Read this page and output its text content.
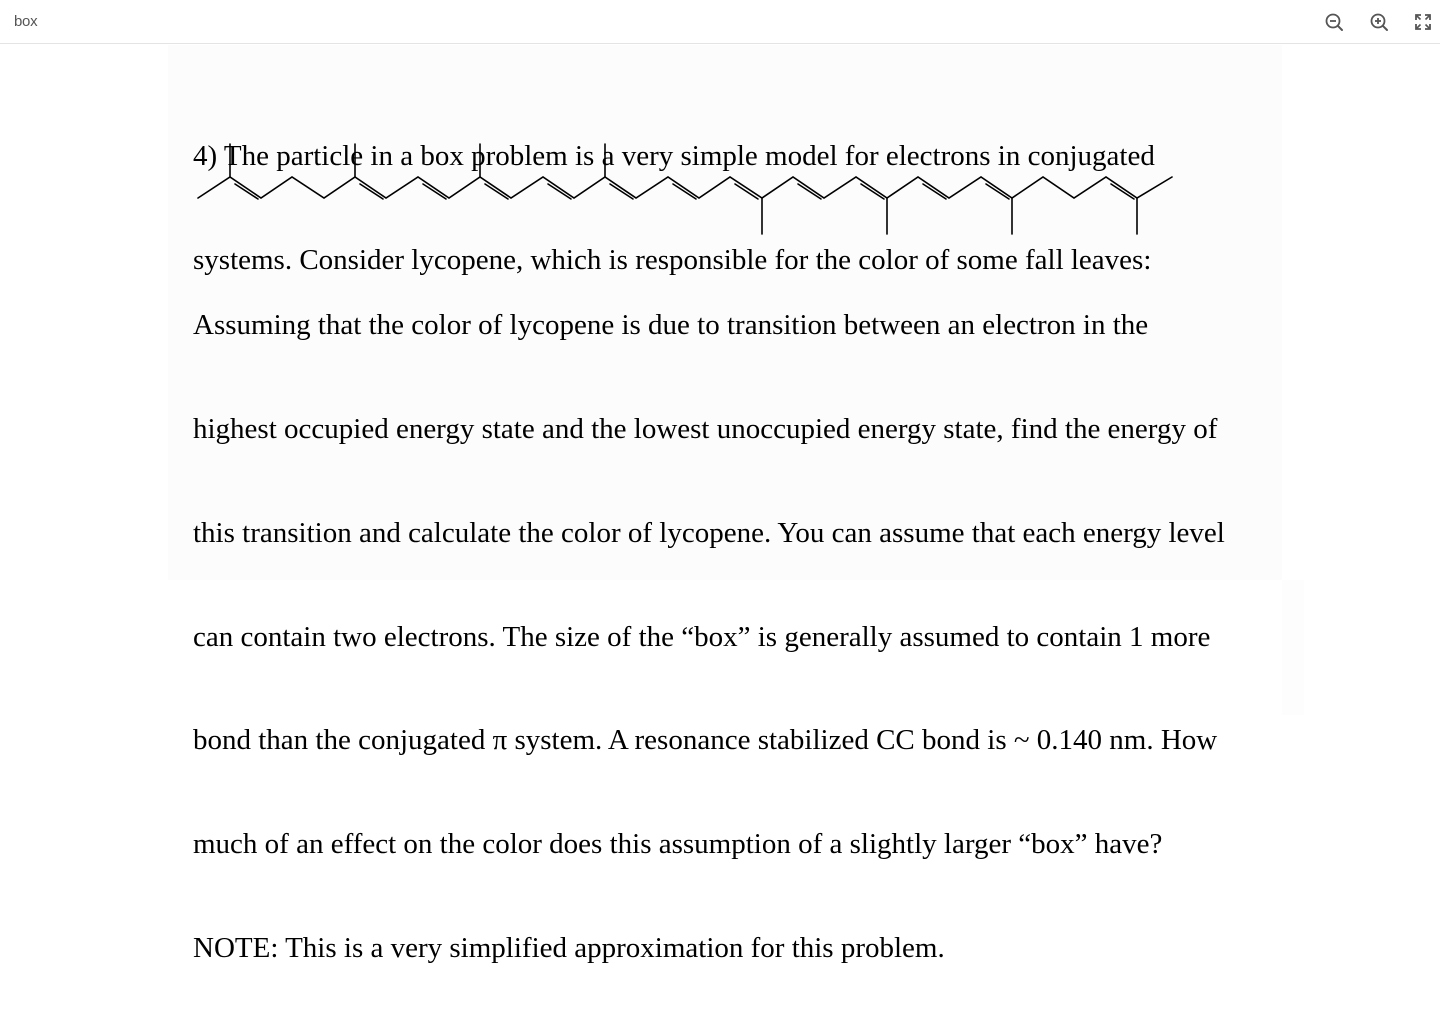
box

4) The particle in a box problem is a very simple model for electrons in conjugated

systems. Consider lycopene, which is responsible for the color of some fall leaves:

Assuming that the color of lycopene is due to transition between an electron in the

highest occupied energy state and the lowest unoccupied energy state, find the energy of

this transition and calculate the color of lycopene. You can assume that each energy level

can contain two electrons. The size of the “box” is generally assumed to contain 1 more

bond than the conjugated π system. A resonance stabilized CC bond is ~ 0.140 nm. How

much of an effect on the color does this assumption of a slightly larger “box” have?

NOTE: This is a very simplified approximation for this problem.
